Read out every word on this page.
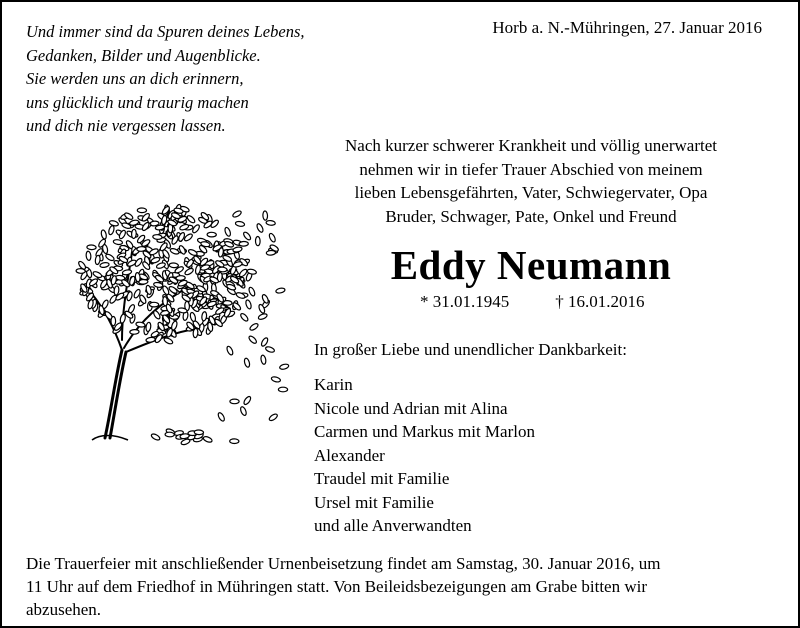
Und immer sind da Spuren deines Lebens,
Gedanken, Bilder und Augenblicke.
Sie werden uns an dich erinnern,
uns glücklich und traurig machen
und dich nie vergessen lassen.
Horb a. N.-Mühringen, 27. Januar 2016
Nach kurzer schwerer Krankheit und völlig unerwartet
nehmen wir in tiefer Trauer Abschied von meinem
lieben Lebensgefährten, Vater, Schwiegervater, Opa
Bruder, Schwager, Pate, Onkel und Freund
Eddy Neumann
* 31.01.1945	† 16.01.2016
In großer Liebe und unendlicher Dankbarkeit:
Karin
Nicole und Adrian mit Alina
Carmen und Markus mit Marlon
Alexander
Traudel mit Familie
Ursel mit Familie
und alle Anverwandten
Die Trauerfeier mit anschließender Urnenbeisetzung findet am Samstag, 30. Januar 2016, um
11 Uhr auf dem Friedhof in Mühringen statt. Von Beileidsbezeigungen am Grabe bitten wir
abzusehen.
